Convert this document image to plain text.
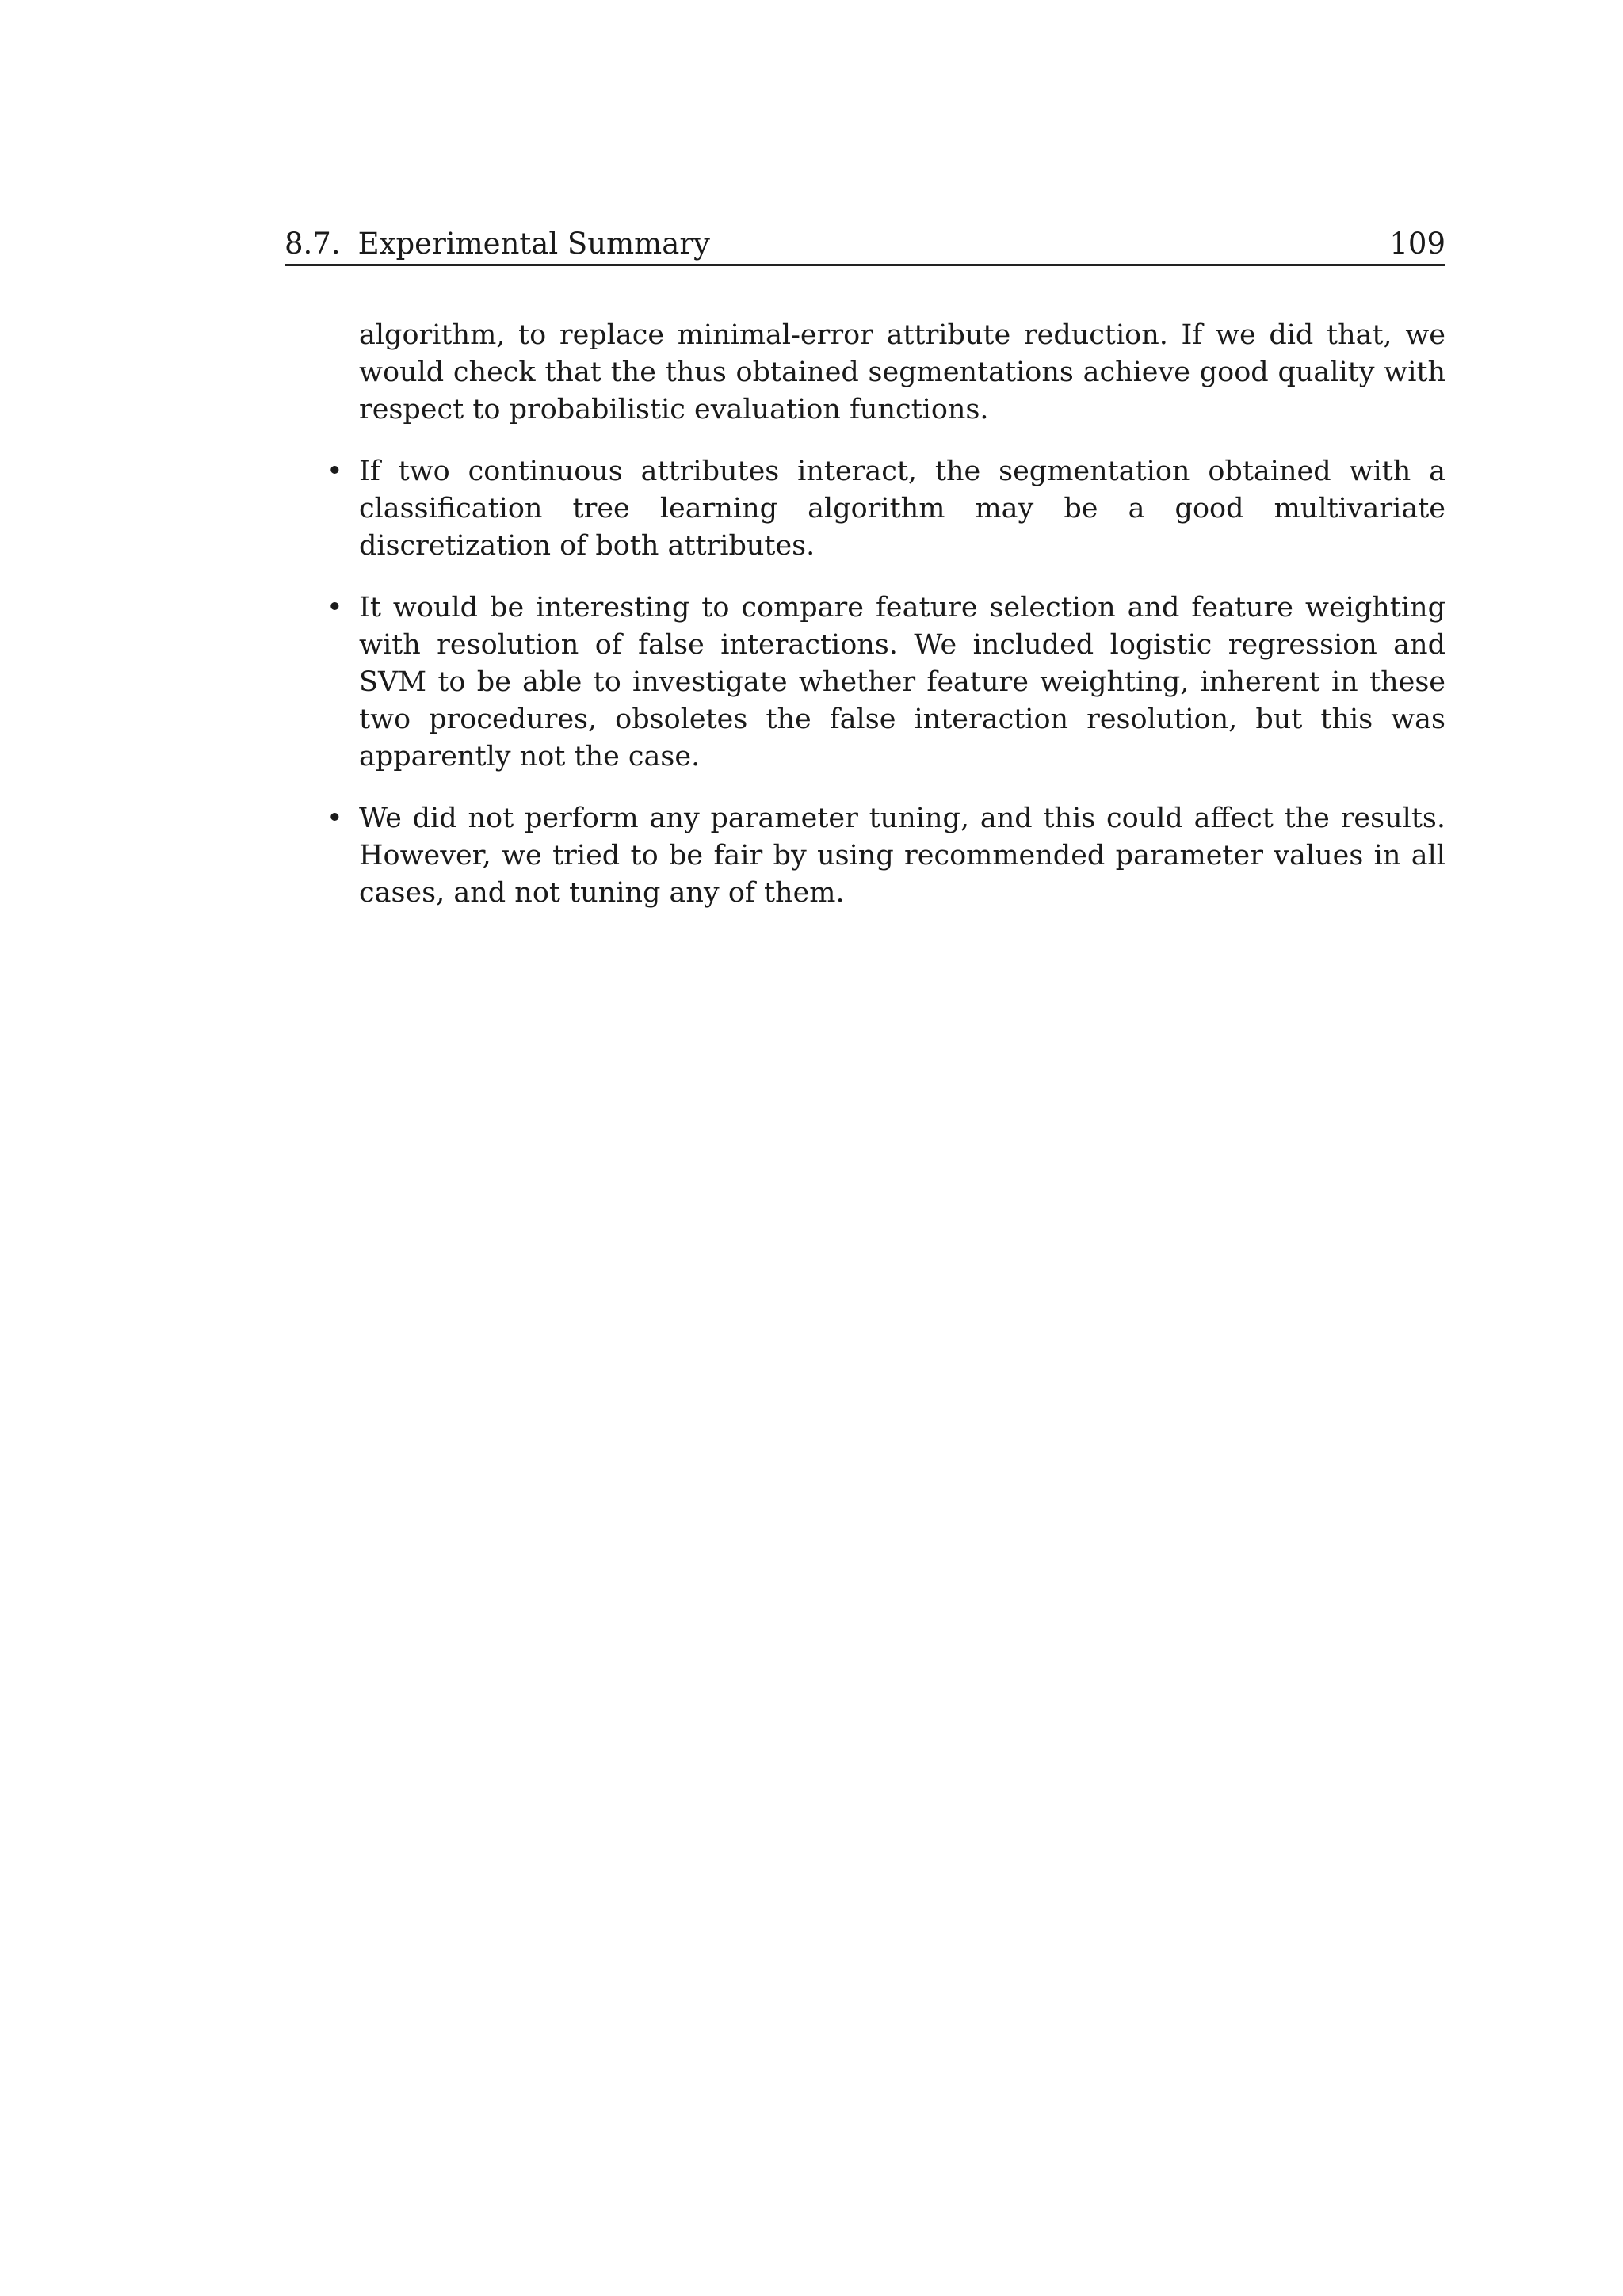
8.7. Experimental Summary	109

algorithm, to replace minimal-error attribute reduction. If we did that, we would check that the thus obtained segmentations achieve good quality with respect to probabilistic evaluation functions.

• If two continuous attributes interact, the segmentation obtained with a classification tree learning algorithm may be a good multivariate discretization of both attributes.
• It would be interesting to compare feature selection and feature weighting with resolution of false interactions. We included logistic regression and SVM to be able to investigate whether feature weighting, inherent in these two procedures, obsoletes the false interaction resolution, but this was apparently not the case.
• We did not perform any parameter tuning, and this could affect the results. However, we tried to be fair by using recommended parameter values in all cases, and not tuning any of them.
